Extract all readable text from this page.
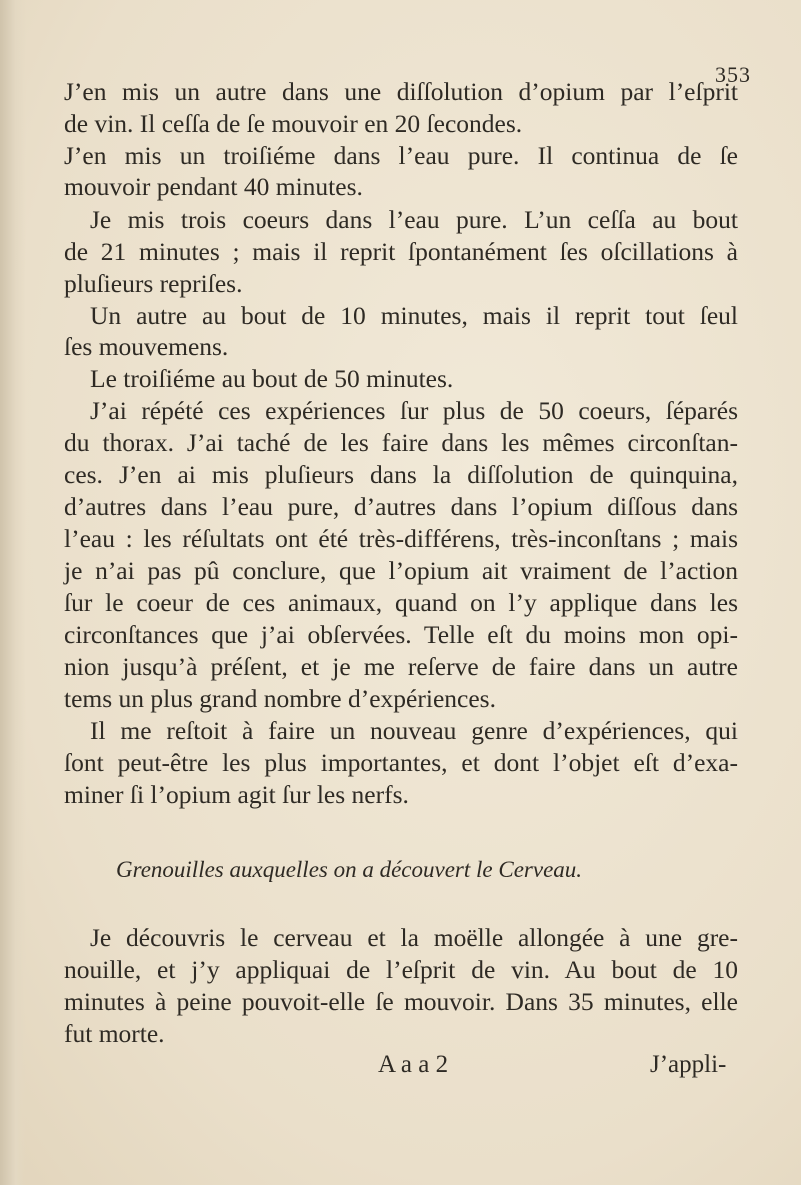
353
J’en mis un autre dans une diſſolution d’opium par l’eſprit
de vin. Il ceſſa de ſe mouvoir en 20 ſecondes.
J’en mis un troiſiéme dans l’eau pure. Il continua de ſe
mouvoir pendant 40 minutes.
Je mis trois coeurs dans l’eau pure. L’un ceſſa au bout
de 21 minutes ; mais il reprit ſpontanément ſes oſcillations à
pluſieurs repriſes.
Un autre au bout de 10 minutes, mais il reprit tout ſeul
ſes mouvemens.
Le troiſiéme au bout de 50 minutes.
J’ai répété ces expériences ſur plus de 50 coeurs, ſéparés
du thorax. J’ai taché de les faire dans les mêmes circonſtan-
ces. J’en ai mis pluſieurs dans la diſſolution de quinquina,
d’autres dans l’eau pure, d’autres dans l’opium diſſous dans
l’eau : les réſultats ont été très-différens, très-inconſtans ; mais
je n’ai pas pû conclure, que l’opium ait vraiment de l’action
ſur le coeur de ces animaux, quand on l’y applique dans les
circonſtances que j’ai obſervées. Telle eſt du moins mon opi-
nion jusqu’à préſent, et je me reſerve de faire dans un autre
tems un plus grand nombre d’expériences.
Il me reſtoit à faire un nouveau genre d’expériences, qui
ſont peut-être les plus importantes, et dont l’objet eſt d’exa-
miner ſi l’opium agit ſur les nerfs.
Grenouilles auxquelles on a découvert le Cerveau.
Je découvris le cerveau et la moëlle allongée à une gre-
nouille, et j’y appliquai de l’eſprit de vin. Au bout de 10
minutes à peine pouvoit-elle ſe mouvoir. Dans 35 minutes, elle
fut morte.
A a a 2	J’appli-
